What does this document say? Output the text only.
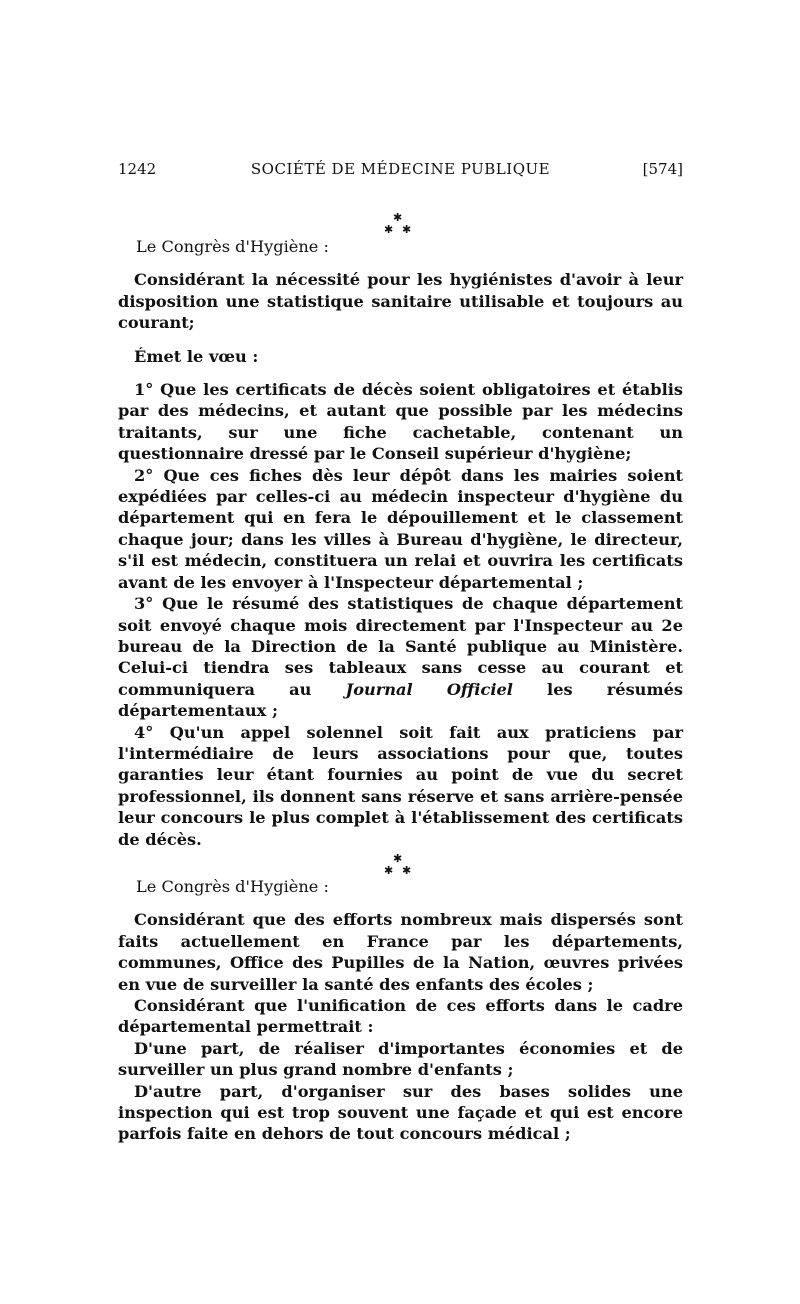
1242	SOCIÉTÉ DE MÉDECINE PUBLIQUE	[574]
✱
✱ ✱

Le Congrès d'Hygiène :

Considérant la nécessité pour les hygiénistes d'avoir à leur disposition une statistique sanitaire utilisable et toujours au courant;

Émet le vœu :

1° Que les certificats de décès soient obligatoires et établis par des médecins, et autant que possible par les médecins traitants, sur une fiche cachetable, contenant un questionnaire dressé par le Conseil supérieur d'hygiène;

2° Que ces fiches dès leur dépôt dans les mairies soient expédiées par celles-ci au médecin inspecteur d'hygiène du département qui en fera le dépouillement et le classement chaque jour; dans les villes à Bureau d'hygiène, le directeur, s'il est médecin, constituera un relai et ouvrira les certificats avant de les envoyer à l'Inspecteur départemental ;

3° Que le résumé des statistiques de chaque département soit envoyé chaque mois directement par l'Inspecteur au 2e bureau de la Direction de la Santé publique au Ministère. Celui-ci tiendra ses tableaux sans cesse au courant et communiquera au Journal Officiel les résumés départementaux ;

4° Qu'un appel solennel soit fait aux praticiens par l'intermédiaire de leurs associations pour que, toutes garanties leur étant fournies au point de vue du secret professionnel, ils donnent sans réserve et sans arrière-pensée leur concours le plus complet à l'établissement des certificats de décès.

✱
✱ ✱

Le Congrès d'Hygiène :

Considérant que des efforts nombreux mais dispersés sont faits actuellement en France par les départements, communes, Office des Pupilles de la Nation, œuvres privées en vue de surveiller la santé des enfants des écoles ;

Considérant que l'unification de ces efforts dans le cadre départemental permettrait :

D'une part, de réaliser d'importantes économies et de surveiller un plus grand nombre d'enfants ;

D'autre part, d'organiser sur des bases solides une inspection qui est trop souvent une façade et qui est encore parfois faite en dehors de tout concours médical ;
